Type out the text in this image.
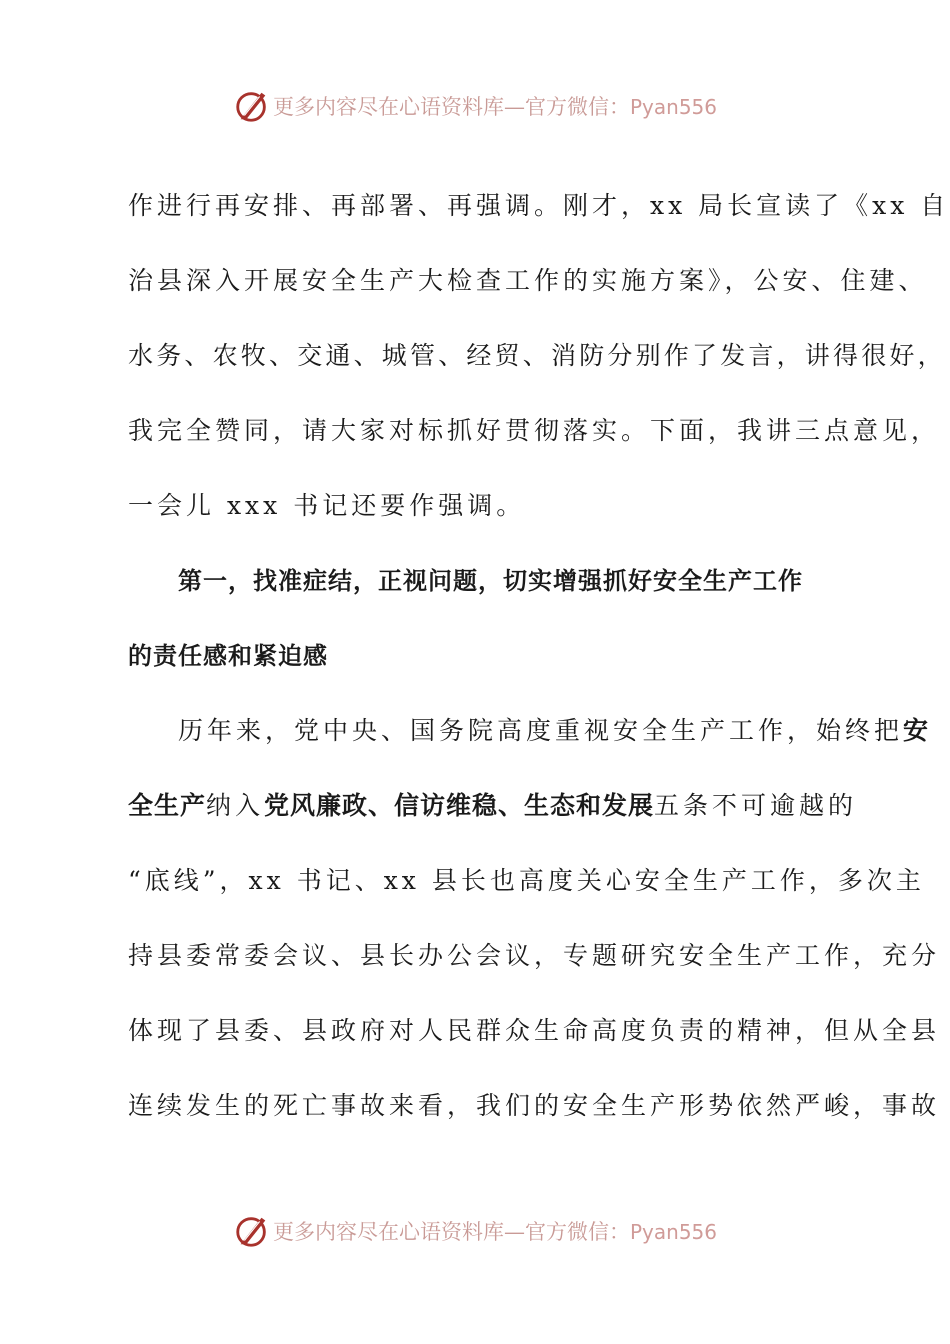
更多内容尽在心语资料库—官方微信：Pyan556
作进行再安排、再部署、再强调。刚才，xx 局长宣读了《xx 自
治县深入开展安全生产大检查工作的实施方案》，公安、住建、
水务、农牧、交通、城管、经贸、消防分别作了发言，讲得很好，
我完全赞同，请大家对标抓好贯彻落实。下面，我讲三点意见，
一会儿 xxx 书记还要作强调。
第一，找准症结，正视问题，切实增强抓好安全生产工作
的责任感和紧迫感
历年来，党中央、国务院高度重视安全生产工作，始终把安
全生产纳入党风廉政、信访维稳、生态和发展五条不可逾越的
“底线”，xx 书记、xx 县长也高度关心安全生产工作，多次主
持县委常委会议、县长办公会议，专题研究安全生产工作，充分
体现了县委、县政府对人民群众生命高度负责的精神，但从全县
连续发生的死亡事故来看，我们的安全生产形势依然严峻，事故
更多内容尽在心语资料库—官方微信：Pyan556
